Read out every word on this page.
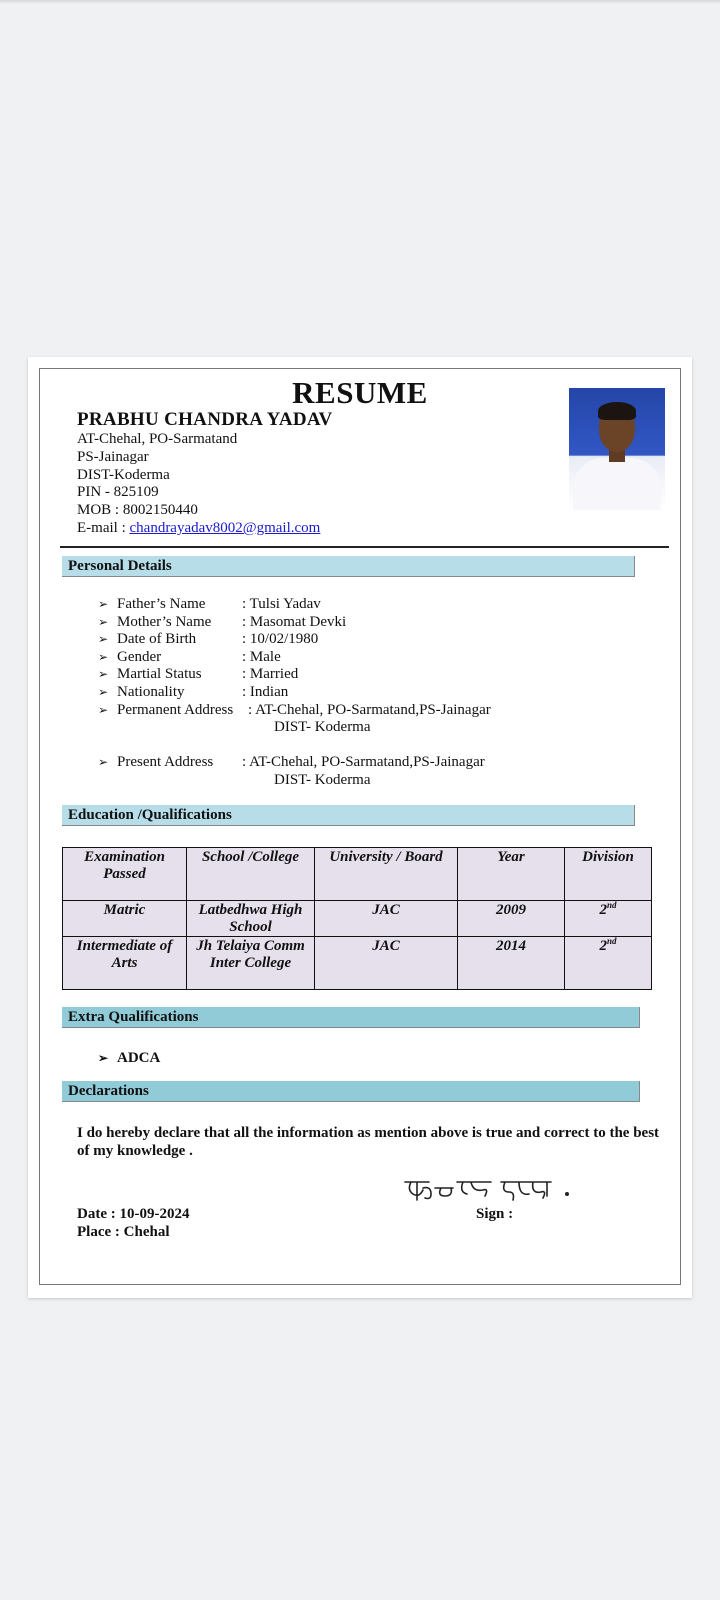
RESUME
PRABHU CHANDRA YADAV
AT-Chehal, PO-Sarmatand
PS-Jainagar
DIST-Koderma
PIN - 825109
MOB : 8002150440
E-mail : chandrayadav8002@gmail.com
Personal Details
➢ Father’s Name : Tulsi Yadav
➢ Mother’s Name : Masomat Devki
➢ Date of Birth	: 10/02/1980
➢ Gender	: Male
➢ Martial Status	: Married
➢ Nationality	: Indian
➢ Permanent Address : AT-Chehal, PO-Sarmatand,PS-Jainagar
DIST- Koderma
➢ Present Address : AT-Chehal, PO-Sarmatand,PS-Jainagar
DIST- Koderma
Education /Qualifications
Examination Passed	School /College	University / Board	Year	Division
Matric	Latbedhwa High School	JAC	2009	2nd
Intermediate of Arts	Jh Telaiya Comm Inter College	JAC	2014	2nd
Extra Qualifications
➢ ADCA
Declarations
I do hereby declare that all the information as mention above is true and correct to the best of my knowledge .
Date : 10-09-2024
Place : Chehal
Sign :
